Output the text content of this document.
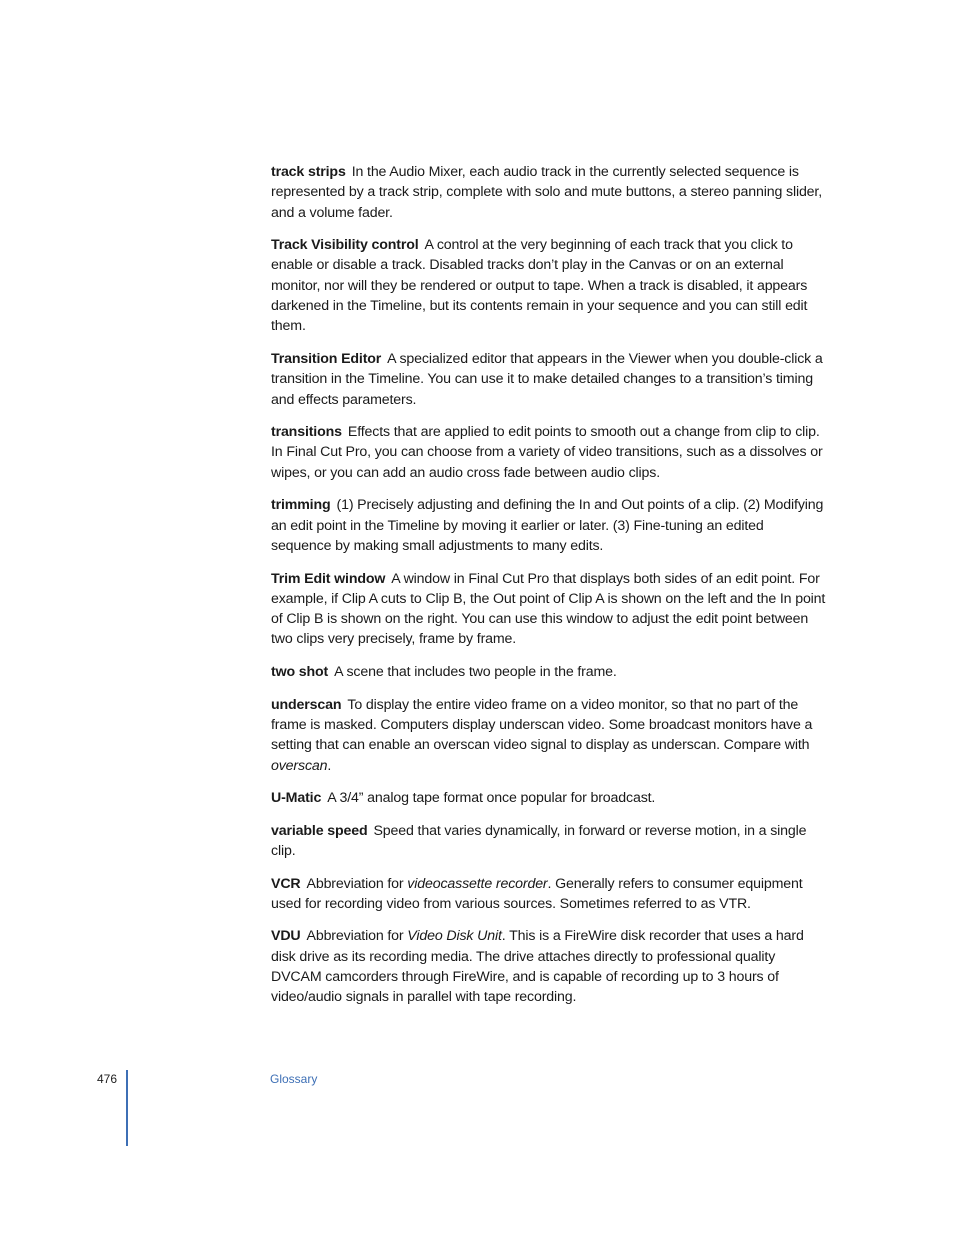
track strips In the Audio Mixer, each audio track in the currently selected sequence is represented by a track strip, complete with solo and mute buttons, a stereo panning slider, and a volume fader.

Track Visibility control A control at the very beginning of each track that you click to enable or disable a track. Disabled tracks don’t play in the Canvas or on an external monitor, nor will they be rendered or output to tape. When a track is disabled, it appears darkened in the Timeline, but its contents remain in your sequence and you can still edit them.

Transition Editor A specialized editor that appears in the Viewer when you double-click a transition in the Timeline. You can use it to make detailed changes to a transition’s timing and effects parameters.

transitions Effects that are applied to edit points to smooth out a change from clip to clip. In Final Cut Pro, you can choose from a variety of video transitions, such as a dissolves or wipes, or you can add an audio cross fade between audio clips.

trimming (1) Precisely adjusting and defining the In and Out points of a clip. (2) Modifying an edit point in the Timeline by moving it earlier or later. (3) Fine-tuning an edited sequence by making small adjustments to many edits.

Trim Edit window A window in Final Cut Pro that displays both sides of an edit point. For example, if Clip A cuts to Clip B, the Out point of Clip A is shown on the left and the In point of Clip B is shown on the right. You can use this window to adjust the edit point between two clips very precisely, frame by frame.

two shot A scene that includes two people in the frame.

underscan To display the entire video frame on a video monitor, so that no part of the frame is masked. Computers display underscan video. Some broadcast monitors have a setting that can enable an overscan video signal to display as underscan. Compare with overscan.

U-Matic A 3/4” analog tape format once popular for broadcast.

variable speed Speed that varies dynamically, in forward or reverse motion, in a single clip.

VCR Abbreviation for videocassette recorder. Generally refers to consumer equipment used for recording video from various sources. Sometimes referred to as VTR.

VDU Abbreviation for Video Disk Unit. This is a FireWire disk recorder that uses a hard disk drive as its recording media. The drive attaches directly to professional quality DVCAM camcorders through FireWire, and is capable of recording up to 3 hours of video/audio signals in parallel with tape recording.

476	Glossary
